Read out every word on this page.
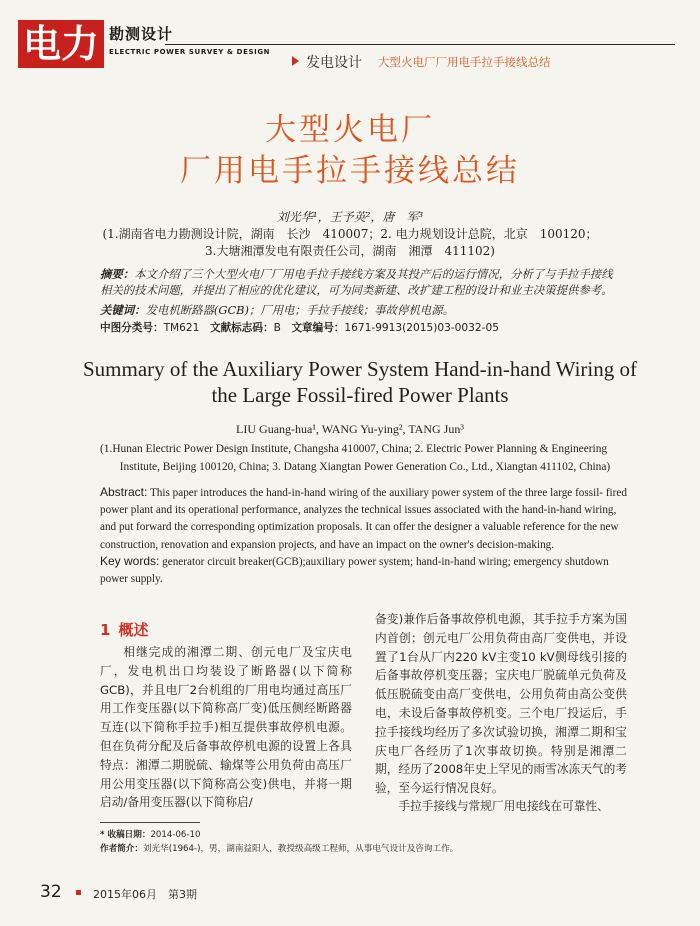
电力 勘测设计
ELECTRIC POWER SURVEY & DESIGN
发电设计 大型火电厂厂用电手拉手接线总结
大型火电厂
厂用电手拉手接线总结
刘光华¹，王予英²，唐　军³
(1.湖南省电力勘测设计院，湖南　长沙　410007；2. 电力规划设计总院，北京　100120；
3.大塘湘潭发电有限责任公司，湖南　湘潭　411102)
摘要：本文介绍了三个大型火电厂厂用电手拉手接线方案及其投产后的运行情况，分析了与手拉手接线相关的技术问题，并提出了相应的优化建议，可为同类新建、改扩建工程的设计和业主决策提供参考。
关键词：发电机断路器(GCB)；厂用电；手拉手接线；事故停机电源。
中图分类号：TM621　 文献标志码：B　 文章编号：1671-9913(2015)03-0032-05
Summary of the Auxiliary Power System Hand-in-hand Wiring of
the Large Fossil-fired Power Plants
LIU Guang-hua¹, WANG Yu-ying², TANG Jun³
(1.Hunan Electric Power Design Institute, Changsha 410007, China; 2. Electric Power Planning & Engineering
Institute, Beijing 100120, China; 3. Datang Xiangtan Power Generation Co., Ltd., Xiangtan 411102, China)
Abstract: This paper introduces the hand-in-hand wiring of the auxiliary power system of the three large fossil- fired power plant and its operational performance, analyzes the technical issues associated with the hand-in-hand wiring, and put forward the corresponding optimization proposals. It can offer the designer a valuable reference for the new construction, renovation and expansion projects, and have an impact on the owner's decision-making.
Key words: generator circuit breaker(GCB);auxiliary power system; hand-in-hand wiring; emergency shutdown power supply.
1 概述

相继完成的湘潭二期、创元电厂及宝庆电厂，发电机出口均装设了断路器(以下简称GCB)，并且电厂2台机组的厂用电均通过高压厂用工作变压器(以下简称高厂变)低压侧经断路器互连(以下简称手拉手)相互提供事故停机电源。但在负荷分配及后备事故停机电源的设置上各具特点：湘潭二期脱硫、输煤等公用负荷由高压厂用公用变压器(以下简称高公变)供电，并将一期启动/备用变压器(以下简称启/

备变)兼作后备事故停机电源，其手拉手方案为国内首创；创元电厂公用负荷由高厂变供电，并设置了1台从厂内220 kV主变10 kV侧母线引接的后备事故停机变压器；宝庆电厂脱硫单元负荷及低压脱硫变由高厂变供电，公用负荷由高公变供电，未设后备事故停机变。三个电厂投运后，手拉手接线均经历了多次试验切换，湘潭二期和宝庆电厂各经历了1次事故切换。特别是湘潭二期，经历了2008年史上罕见的雨雪冰冻天气的考验，至今运行情况良好。

手拉手接线与常规厂用电接线在可靠性、

* 收稿日期：2014-06-10
作者简介：刘光华(1964-)，男，湖南益阳人，教授级高级工程师，从事电气设计及咨询工作。
32	2015年06月　第3期
